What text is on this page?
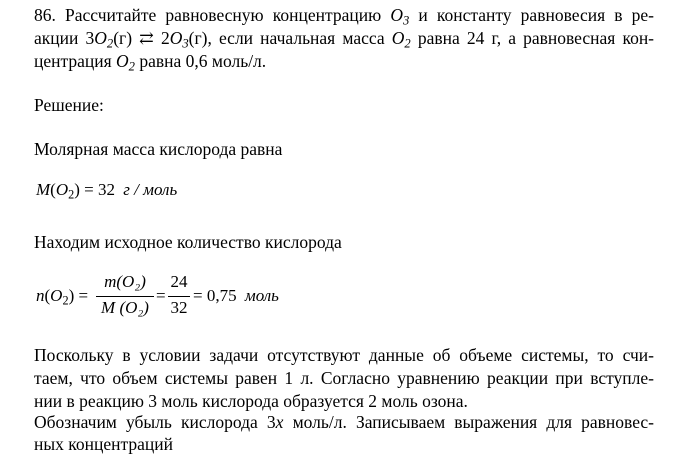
86. Рассчитайте равновесную концентрацию $O_3$ и константу равновесия в ре-
акции $3O_2(г)$ ⇄ $2O_3(г)$, если начальная масса $O_2$ равна 24 г, а равновесная кон-
центрация $O_2$ равна 0,6 моль/л.
Решение:
Молярная масса кислорода равна
$M(O_2) = 32$ г / моль
Находим исходное количество кислорода
$n(O_2)$ =
m(O₂)
M (O₂)
=
24
32
= 0,75 моль
Поскольку в условии задачи отсутствуют данные об объеме системы, то счи-
таем, что объем системы равен 1 л. Согласно уравнению реакции при вступле-
нии в реакцию 3 моль кислорода образуется 2 моль озона.
Обозначим убыль кислорода 3x моль/л. Записываем выражения для равновес-
ных концентраций
